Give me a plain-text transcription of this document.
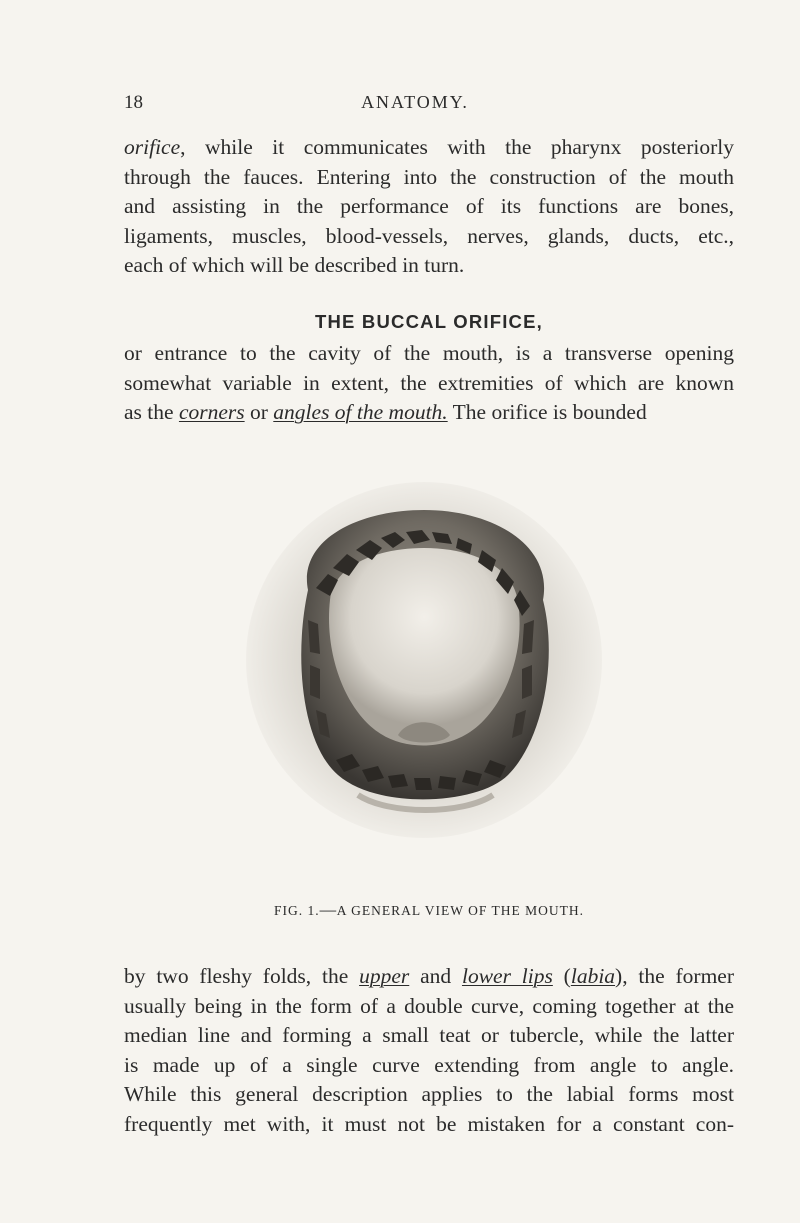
18	ANATOMY.

orifice, while it communicates with the pharynx posteriorly
through the fauces. Entering into the construction of the mouth
and assisting in the performance of its functions are bones,
ligaments, muscles, blood-vessels, nerves, glands, ducts, etc.,
each of which will be described in turn.

THE BUCCAL ORIFICE,

or entrance to the cavity of the mouth, is a transverse opening
somewhat variable in extent, the extremities of which are known
as the corners or angles of the mouth. The orifice is bounded

FIG. 1.—A GENERAL VIEW OF THE MOUTH.

by two fleshy folds, the upper and lower lips (labia), the former
usually being in the form of a double curve, coming together at the
median line and forming a small teat or tubercle, while the latter
is made up of a single curve extending from angle to angle.
While this general description applies to the labial forms most
frequently met with, it must not be mistaken for a constant con-
